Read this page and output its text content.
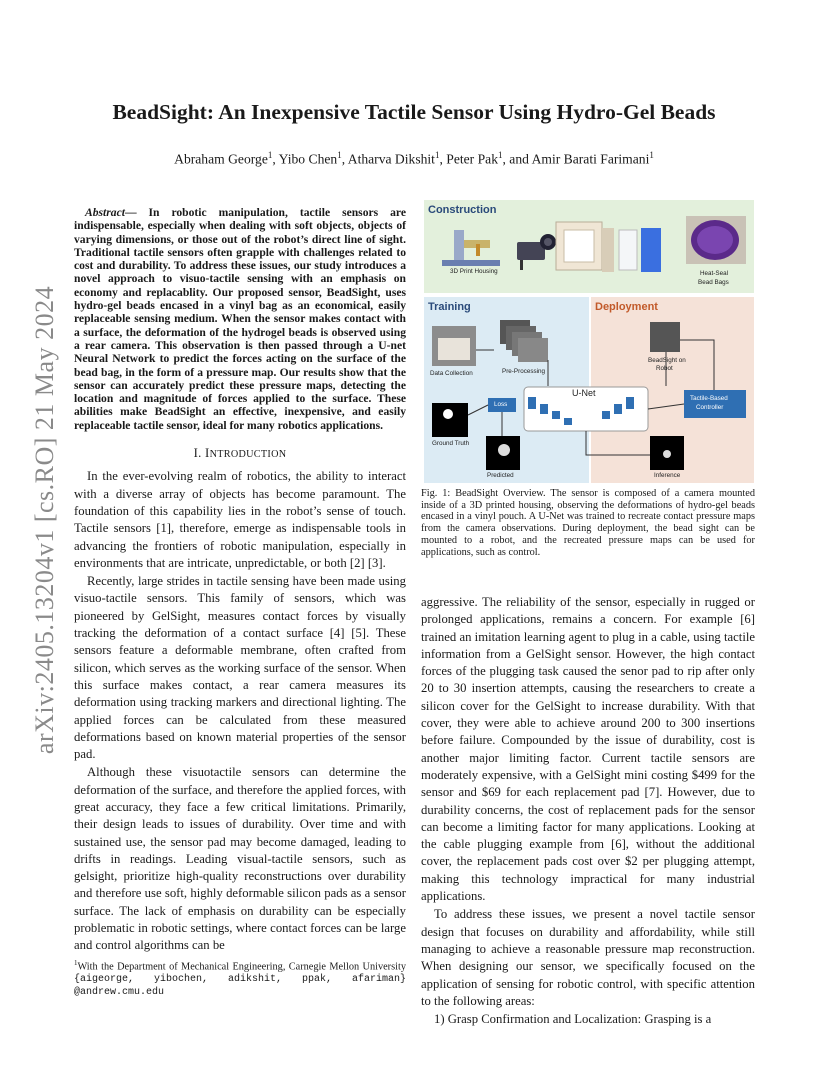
arXiv:2405.13204v1 [cs.RO] 21 May 2024
BeadSight: An Inexpensive Tactile Sensor Using Hydro-Gel Beads
Abraham George$^1$, Yibo Chen$^1$, Atharva Dikshit$^1$, Peter Pak$^1$, and Amir Barati Farimani$^1$

Abstract— In robotic manipulation, tactile sensors are indispensable, especially when dealing with soft objects, objects of varying dimensions, or those out of the robot’s direct line of sight. Traditional tactile sensors often grapple with challenges related to cost and durability. To address these issues, our study introduces a novel approach to visuo-tactile sensing with an emphasis on economy and replacablity. Our proposed sensor, BeadSight, uses hydro-gel beads encased in a vinyl bag as an economical, easily replaceable sensing medium. When the sensor makes contact with a surface, the deformation of the hydrogel beads is observed using a rear camera. This observation is then passed through a U-net Neural Network to predict the forces acting on the surface of the bead bag, in the form of a pressure map. Our results show that the sensor can accurately predict these pressure maps, detecting the location and magnitude of forces applied to the surface. These abilities make BeadSight an effective, inexpensive, and easily replaceable tactile sensor, ideal for many robotics applications.

I. INTRODUCTION

In the ever-evolving realm of robotics, the ability to interact with a diverse array of objects has become paramount. The foundation of this capability lies in the robot’s sense of touch. Tactile sensors [1], therefore, emerge as indispensable tools in advancing the frontiers of robotic manipulation, especially in environments that are intricate, unpredictable, or both [2] [3].

Recently, large strides in tactile sensing have been made using visuo-tactile sensors. This family of sensors, which was pioneered by GelSight, measures contact forces by visually tracking the deformation of a contact surface [4] [5]. These sensors feature a deformable membrane, often crafted from silicon, which serves as the working surface of the sensor. When this surface makes contact, a rear camera measures its deformation using tracking markers and directional lighting. The applied forces can be calculated from these measured deformations based on known material properties of the sensor pad.

Although these visuotactile sensors can determine the deformation of the surface, and therefore the applied forces, with great accuracy, they face a few critical limitations. Primarily, their design leads to issues of durability. Over time and with sustained use, the sensor pad may become damaged, leading to drifts in readings. Leading visual-tactile sensors, such as gelsight, prioritize high-quality reconstructions over durability and therefore use soft, highly deformable silicon pads as a sensor surface. The lack of emphasis on durability can be especially problematic in robotic settings, where contact forces can be large and control algorithms can be

$^1$With the Department of Mechanical Engineering, Carnegie Mellon University {aigeorge, yibochen, adikshit, ppak, afariman} @andrew.cmu.edu
Construction
Training	Deployment
3D Print Housing	Heat-Seal
Bead Bags
Data Collection	Pre-Processing
U-Net
Loss
Ground Truth
Predicted
BeadSight on
Robot
Tactile-Based
Controller
Inference
Fig. 1: BeadSight Overview. The sensor is composed of a camera mounted inside of a 3D printed housing, observing the deformations of hydro-gel beads encased in a vinyl pouch. A U-Net was trained to recreate contact pressure maps from the camera observations. During deployment, the bead sight can be mounted to a robot, and the recreated pressure maps can be used for applications, such as control.

aggressive. The reliability of the sensor, especially in rugged or prolonged applications, remains a concern. For example [6] trained an imitation learning agent to plug in a cable, using tactile information from a GelSight sensor. However, the high contact forces of the plugging task caused the senor pad to rip after only 20 to 30 insertion attempts, causing the researchers to create a silicon cover for the GelSight to increase durability. With that cover, they were able to achieve around 200 to 300 insertions before failure. Compounded by the issue of durability, cost is another major limiting factor. Current tactile sensors are moderately expensive, with a GelSight mini costing $499 for the sensor and $69 for each replacement pad [7]. However, due to durability concerns, the cost of replacement pads for the sensor can become a limiting factor for many applications. Looking at the cable plugging example from [6], without the additional cover, the replacement pads cost over $2 per plugging attempt, making this technology impractical for many industrial applications.

To address these issues, we present a novel tactile sensor design that focuses on durability and affordability, while still managing to achieve a reasonable pressure map reconstruction. When designing our sensor, we specifically focused on the application of sensing for robotic control, with specific attention to the following areas:

1) Grasp Confirmation and Localization: Grasping is a
